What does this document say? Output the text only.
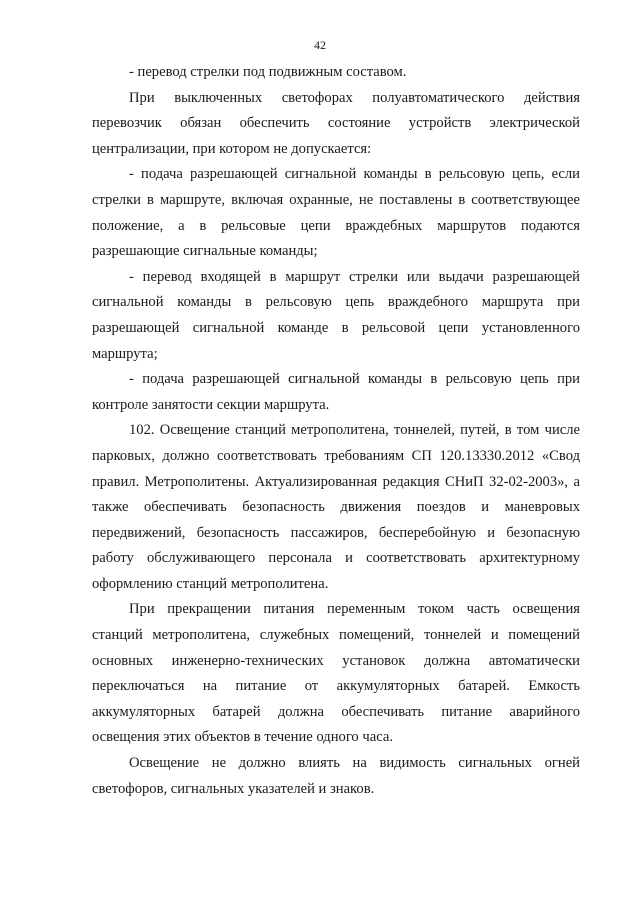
42

- перевод стрелки под подвижным составом.

При выключенных светофорах полуавтоматического действия перевозчик обязан обеспечить состояние устройств электрической централизации, при котором не допускается:

- подача разрешающей сигнальной команды в рельсовую цепь, если стрелки в маршруте, включая охранные, не поставлены в соответствующее положение, а в рельсовые цепи враждебных маршрутов подаются разрешающие сигнальные команды;

- перевод входящей в маршрут стрелки или выдачи разрешающей сигнальной команды в рельсовую цепь враждебного маршрута при разрешающей сигнальной команде в рельсовой цепи установленного маршрута;

- подача разрешающей сигнальной команды в рельсовую цепь при контроле занятости секции маршрута.

102. Освещение станций метрополитена, тоннелей, путей, в том числе парковых, должно соответствовать требованиям СП 120.13330.2012 «Свод правил. Метрополитены. Актуализированная редакция СНиП 32-02-2003», а также обеспечивать безопасность движения поездов и маневровых передвижений, безопасность пассажиров, бесперебойную и безопасную работу обслуживающего персонала и соответствовать архитектурному оформлению станций метрополитена.

При прекращении питания переменным током часть освещения станций метрополитена, служебных помещений, тоннелей и помещений основных инженерно-технических установок должна автоматически переключаться на питание от аккумуляторных батарей. Емкость аккумуляторных батарей должна обеспечивать питание аварийного освещения этих объектов в течение одного часа.

Освещение не должно влиять на видимость сигнальных огней светофоров, сигнальных указателей и знаков.
